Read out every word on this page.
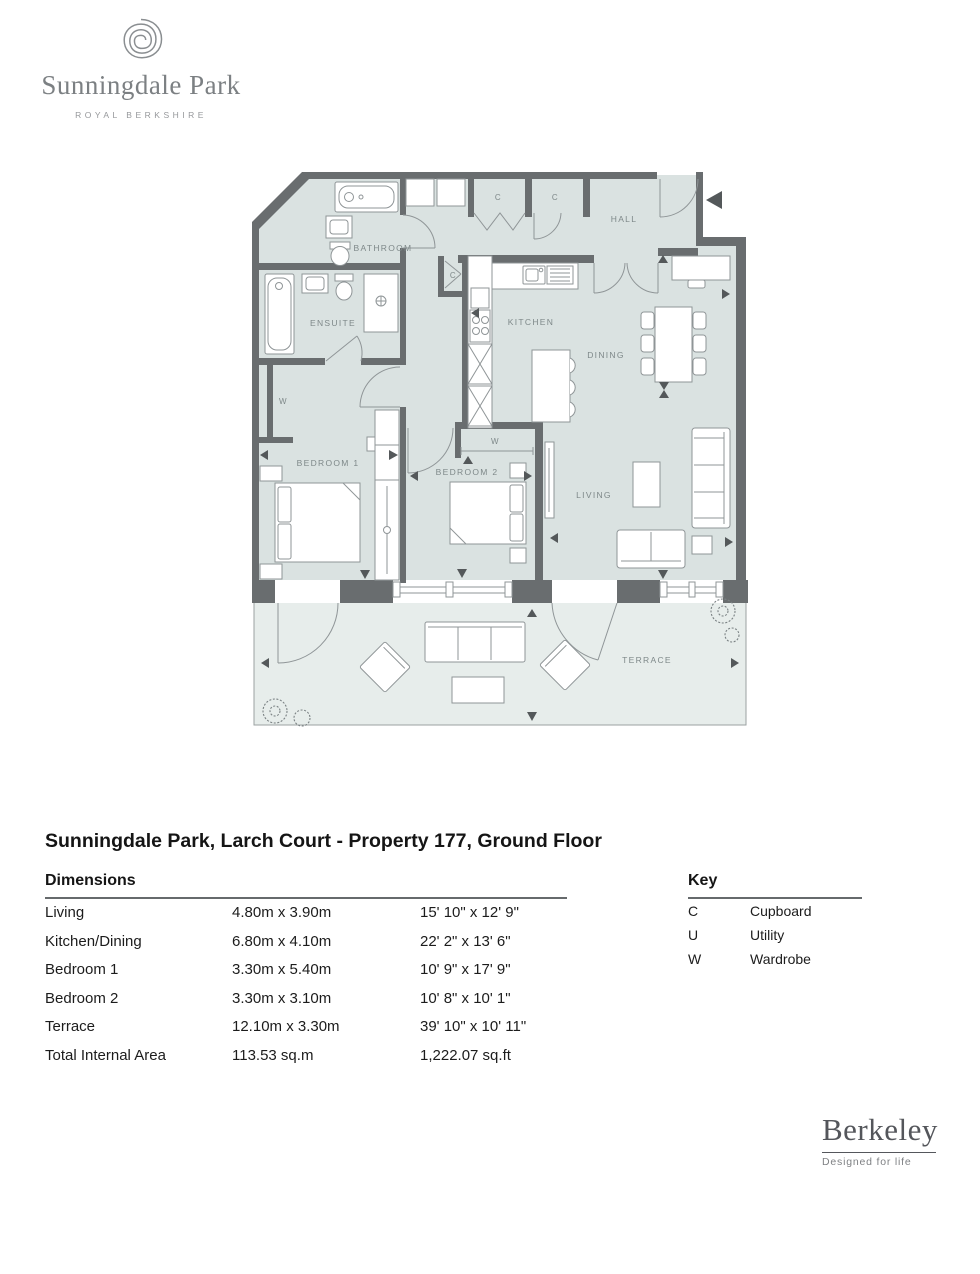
Sunningdale Park
ROYAL BERKSHIRE
BATHROOM
HALL
ENSUITE	KITCHEN
DINING
BEDROOM 1
BEDROOM 2
LIVING
TERRACE
C	C
C
W
W
Sunningdale Park, Larch Court - Property 177, Ground Floor
Dimensions
Living	4.80m x 3.90m	15' 10" x 12' 9"
Kitchen/Dining	6.80m x 4.10m	22' 2" x 13' 6"
Bedroom 1	3.30m x 5.40m	10' 9" x 17' 9"
Bedroom 2	3.30m x 3.10m	10' 8" x 10' 1"
Terrace	12.10m x 3.30m	39' 10" x 10' 11"
Total Internal Area	113.53 sq.m	1,222.07 sq.ft
Key
C	Cupboard
U	Utility
W	Wardrobe
Berkeley
Designed for life
